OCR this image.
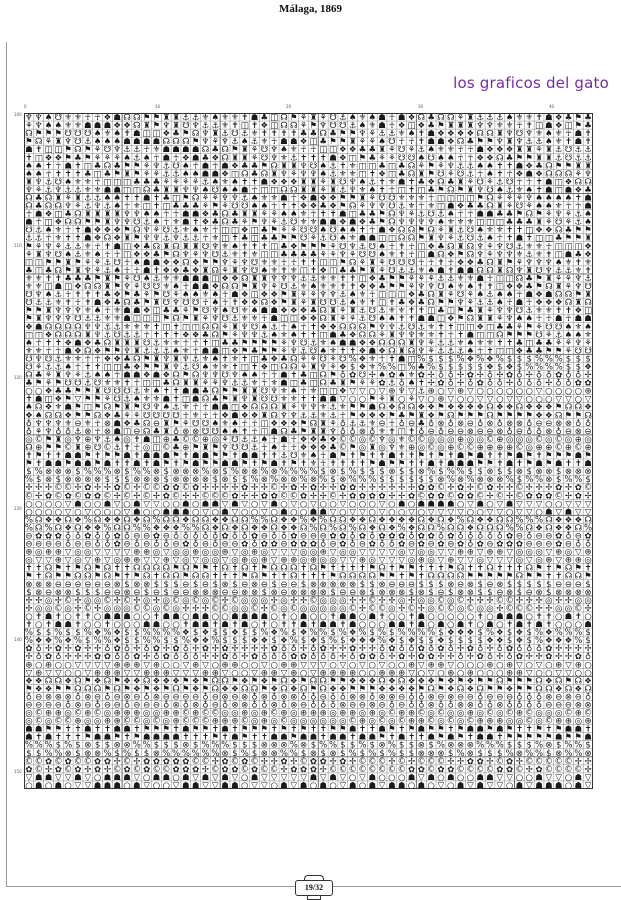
Málaga, 1869
los graficos del gato
0	10	20	30	40
100
110
120
130
140
150
♆ ♆ ♠ ☋ ⚜ ⚜ ☥ ☥ ❖ ☗ ☊ ☊ ⚑ ⚑ ♜ ♜ ⚓ ⚓ ⚜ ♠ ⚜ ⚜ ✝ ☗ ♣ ◫ ☊ ⚑ ⚘ ♜ ⚘ ☋ ⚓ ♠ ⚜ ♠ ☗ ☥ ☗ ❖ ☊ ♣ ☊ ☊ ⚘ ♜ ⚓ ⚓ ⚓ ♠ ⚜ ⚜ ✝ ☗ ❖ ♣ ⚑ ♣
⚘ ♆ ♠ ♠ ⚜ ⚜ ☗ ☗ ☗ ❖ ❖ ☊ ♜ ⚑ ♆ ♜ ☋ ♆ ⚓ ⚓ ⚜ ✝ ◫ ✝ ❖ ◫ ☊ ☊ ⚘ ⚑ ♆ ☋ ☋ ⚓ ♠ ⚜ ☗ ☥ ❖ ◫ ❖ ♣ ⚑ ♜ ♜ ♜ ♆ ♆ ⚜ ⚜ ☥ ✝ ◫ ☗ ❖ ◫ ⚑ ♣
☊ ⚑ ⚑ ⚑ ☋ ☋ ☋ ♠ ⚜ ♠ ✝ ☗ ◫ ◫ ❖ ♣ ⚑ ☊ ♆ ♜ ⚓ ☋ ⚓ ⚜ ✝ ✝ ✝ ✝ ♣ ♣ ☊ ♣ ⚑ ⚑ ♆ ⚘ ⚓ ⚓ ⚜ ♠ ✝ ☗ ❖ ❖ ❖ ❖ ☊ ☊ ♜ ♆ ☋ ♆ ⚜ ♠ ⚜ ☥ ☗ ✝
⚑ ☊ ⚘ ♜ ♆ ☋ ⚓ ♠ ♠ ♠ ☗ ☗ ☗ ☗ ☊ ☊ ☊ ⚑ ♆ ⚘ ♆ ⚓ ♠ ⚓ ⚜ ☥ ☗ ☗ ❖ ◫ ♣ ⚑ ⚑ ♜ ⚘ ⚘ ♠ ☋ ☥ ☥ ✝ ☗ ☗ ❖ ☊ ♣ ⚑ ⚑ ♆ ♜ ♆ ⚓ ⚓ ♠ ⚜ ✝ ☗ ✝
☗ ✝ ◫ ◫ ⚑ ☊ ⚑ ⚘ ☋ ♆ ⚓ ⚓ ☥ ⚜ ☗ ☗ ☗ ☗ ☊ ♣ ☊ ⚑ ♜ ⚘ ☋ ♆ ♠ ⚜ ☥ ☥ ◫ ◫ ❖ ❖ ♣ ♣ ♜ ⚘ ☋ ⚘ ⚓ ♠ ⚜ ⚜ ☥ ☥ ☗ ❖ ❖ ❖ ♜ ♜ ⚘ ♜ ⚓ ☋ ⚓ ⚓
✝ ◫ ❖ ❖ ⚑ ♣ ⚑ ⚘ ⚘ ⚘ ♠ ⚓ ♠ ☥ ☗ ☥ ❖ ☗ ♣ ❖ ☊ ♜ ♜ ⚘ ☋ ♆ ⚜ ⚓ ✝ ✝ ✝ ☗ ❖ ◫ ⚑ ♣ ⚘ ⚘ ☋ ☋ ♠ ☋ ♠ ♠ ☥ ☥ ❖ ❖ ☊ ♣ ⚑ ⚑ ♜ ♜ ⚓ ☋ ⚓ ⚓
♠ ♠ ✝ ☥ ☗ ✝ ◫ ♣ ☊ ♣ ⚑ ⚑ ⚘ ♆ ⚓ ☋ ♠ ☥ ☗ ☥ ☗ ❖ ♣ ♣ ⚑ ☊ ♜ ♜ ♆ ☋ ♠ ⚓ ✝ ⚜ ◫ ◫ ♣ ◫ ♣ ☊ ⚘ ⚑ ⚘ ♆ ⚓ ⚓ ♠ ♠ ✝ ✝ ☗ ❖ ♣ ☊ ⚑ ⚑ ♜ ♜
♠ ♠ ☥ ✝ ✝ ✝ ♣ ◫ ♣ ⚑ ♜ ⚑ ⚘ ⚘ ⚓ ⚓ ♠ ♠ ☗ ☗ ❖ ◫ ☊ ♣ ☊ ♜ ♆ ⚘ ♆ ♆ ♠ ⚓ ⚜ ⚜ ◫ ✝ ❖ ◫ ♣ ☊ ♜ ⚑ ☋ ⚘ ☋ ⚓ ☥ ♠ ✝ ☥ ❖ ☗ ❖ ☊ ☊ ☊ ⚘ ♆
♜ ♆ ⚓ ☋ ♠ ⚜ ⚜ ☥ ◫ ◫ ◫ ♣ ♣ ♣ ⚘ ⚘ ⚘ ⚘ ⚓ ♠ ⚜ ♠ ✝ ✝ ☗ ❖ ❖ ❖ ♜ ♜ ⚘ ♜ ☋ ♆ ♠ ⚓ ✝ ⚜ ☗ ✝ ♣ ❖ ☊ ♣ ♜ ⚘ ☋ ⚘ ⚓ ☋ ☥ ☥ ✝ ☗ ◫ ❖ ☊ ☊
♆ ⚘ ⚓ ♆ ⚓ ⚓ ⚜ ⚜ ☗ ☗ ◫ ◫ ☊ ♣ ♜ ♜ ♆ ♆ ♠ ☋ ♠ ♠ ☗ ☥ ◫ ◫ ☊ ☊ ♜ ♜ ⚘ ♜ ⚓ ♆ ⚜ ♠ ✝ ☥ ◫ ✝ ◫ ♣ ⚑ ☊ ⚑ ♜ ♆ ☋ ♠ ⚓ ⚜ ♠ ✝ ☗ ◫ ☗ ❖ ♣
☊ ♣ ☊ ♜ ⚘ ♜ ⚓ ⚓ ♠ ♠ ✝ ✝ ☗ ✝ ♣ ◫ ⚑ ☊ ⚘ ⚘ ♆ ♆ ⚓ ♠ ⚜ ⚜ ☗ ☥ ❖ ☗ ❖ ❖ ⚑ ⚑ ♜ ⚘ ☋ ☋ ⚜ ⚜ ⚜ ☥ ◫ ◫ ◫ ◫ ⚑ ☊ ⚘ ⚘ ⚘ ♆ ♠ ♠ ♠ ♠ ✝ ☗
☊ ♣ ☊ ☊ ♆ ⚘ ⚓ ♆ ⚓ ♠ ☥ ⚜ ◫ ✝ ◫ ♣ ♣ ♣ ⚘ ⚑ ⚘ ☋ ☋ ♠ ♠ ☥ ✝ ✝ ❖ ❖ ♣ ❖ ⚑ ☊ ⚘ ♆ ♆ ☋ ⚓ ⚜ ☥ ⚜ ◫ ☗ ❖ ♣ ♣ ☊ ♜ ⚘ ☋ ⚘ ♠ ♠ ⚜ ☥ ☥ ☗
☥ ☗ ❖ ◫ ♣ ☊ ♜ ♜ ♜ ♜ ♆ ♆ ♠ ♠ ☥ ☥ ☗ ☗ ❖ ♣ ☊ ♣ ♜ ♜ ⚘ ⚘ ♠ ♠ ⚜ ☥ ✝ ✝ ☗ ◫ ♣ ♣ ⚑ ☊ ♆ ⚘ ⚓ ☋ ⚓ ♠ ☥ ☥ ☗ ☗ ♣ ♣ ⚑ ☊ ⚑ ⚘ ♆ ⚘ ⚓ ♠
☗ ☥ ◫ ❖ ☊ ☊ ⚑ ⚑ ♜ ♆ ♆ ☋ ⚓ ♠ ☥ ⚜ ☗ ✝ ❖ ♣ ☊ ♣ ⚘ ⚑ ♆ ⚘ ⚓ ☋ ⚜ ⚜ ☗ ☗ ❖ ☗ ❖ ♣ ⚑ ☊ ♆ ♆ ♆ ♆ ♠ ⚜ ⚜ ⚜ ◫ ◫ ◫ ♣ ♣ ♣ ♜ ⚘ ☋ ⚘ ⚓ ♠
☋ ⚓ ♠ ⚜ ☥ ✝ ☗ ❖ ❖ ❖ ⚑ ☊ ♆ ⚘ ☋ ⚓ ⚜ ♠ ⚜ ☥ ◫ ◫ ❖ ◫ ♣ ⚑ ⚘ ⚘ ☋ ☋ ♠ ☋ ♠ ♠ ✝ ☥ ☗ ❖ ☊ ☊ ⚑ ☊ ⚘ ♜ ⚓ ☋ ♠ ⚜ ⚜ ✝ ✝ ◫ ❖ ❖ ☊ ♣ ⚑ ⚑
⚓ ⚓ ☥ ⚜ ✝ ✝ ☗ ❖ ☊ ❖ ♜ ⚑ ♆ ♆ ⚓ ♆ ⚓ ⚓ ☥ ⚜ ◫ ✝ ♣ ◫ ♣ ♣ ⚑ ⚑ ☋ ⚘ ⚓ ☋ ♠ ⚜ ☗ ☗ ◫ ◫ ☊ ☊ ⚑ ♜ ♆ ⚘ ⚓ ☋ ⚓ ♠ ☥ ✝ ☗ ✝ ◫ ◫ ♣ ⚑ ⚑ ♜
⚑ ⚘ ♆ ⚘ ⚓ ⚓ ⚜ ☥ ✝ ☗ ◫ ❖ ♣ ☊ ♜ ☊ ♜ ♜ ☋ ♆ ⚜ ♠ ✝ ✝ ✝ ◫ ♣ ❖ ⚑ ⚑ ⚑ ⚘ ☋ ♆ ⚓ ☋ ♠ ☥ ✝ ☥ ◫ ❖ ♣ ☊ ♜ ☊ ♆ ⚘ ♆ ☋ ⚓ ⚜ ⚜ ☥ ◫ ◫ ◫ ❖
⚘ ♜ ♆ ☋ ♠ ⚓ ⚜ ♠ ☥ ☥ ◫ ❖ ❖ ♣ ⚑ ☊ ♆ ⚘ ♆ ☋ ⚓ ⚜ ✝ ⚜ ◫ ◫ ♣ ♣ ♣ ♣ ⚘ ⚘ ♆ ⚘ ☋ ☋ ♠ ⚜ ✝ ☥ ◫ ☗ ☊ ❖ ⚑ ☊ ♆ ⚘ ♆ ♆ ⚜ ⚓ ⚜ ✝ ◫ ☗ ♣ ❖
◫ ◫ ⚑ ⚑ ♜ ⚑ ⚘ ⚘ ⚓ ☋ ☥ ♠ ☗ ☗ ❖ ❖ ☊ ❖ ⚑ ⚑ ♆ ⚘ ♆ ☋ ⚜ ⚜ ☥ ☥ ✝ ✝ ◫ ◫ ⚑ ☊ ⚘ ♜ ⚘ ☋ ☋ ☋ ☥ ☥ ✝ ☥ ❖ ❖ ♣ ☊ ♜ ⚑ ⚘ ♆ ♆ ♆ ♠ ⚜ ✝ ⚜
♣ ◫ ♣ ☊ ⚑ ♜ ♆ ⚘ ⚓ ♠ ☥ ☥ ☗ ✝ ❖ ❖ ♣ ❖ ♜ ☊ ⚘ ♜ ♆ ☋ ♠ ⚜ ✝ ⚜ ◫ ✝ ❖ ◫ ♣ ♣ ⚑ ♜ ⚘ ☋ ⚓ ⚓ ⚜ ♠ ☗ ✝ ☗ ☗ ☊ ☊ ♜ ☊ ♆ ♜ ☋ ♆ ⚓ ⚓ ⚜ ✝
⚜ ⚜ ✝ ✝ ♣ ♣ ♣ ⚑ ♜ ⚑ ⚘ ☋ ♠ ⚓ ⚜ ⚜ ☗ ☗ ☗ ◫ ❖ ❖ ☊ ♜ ♜ ♆ ♆ ♆ ⚓ ⚓ ⚜ ⚜ ✝ ✝ ◫ ❖ ♣ ⚑ ⚑ ⚘ ⚘ ⚘ ⚓ ⚓ ⚜ ⚜ ☗ ☥ ◫ ◫ ☊ ♣ ⚑ ♜ ⚘ ⚘ ♆ ⚓
⚜ ⚜ ◫ ☗ ◫ ❖ ☊ ☊ ♜ ⚑ ♆ ⚘ ☋ ☋ ⚜ ♠ ☥ ☗ ☗ ❖ ☊ ☊ ⚑ ♜ ♆ ⚘ ☋ ⚓ ⚜ ♠ ⚜ ⚜ ✝ ✝ ❖ ❖ ♣ ⚑ ⚑ ⚘ ♆ ♆ ☋ ♠ ⚜ ♠ ✝ ✝ ◫ ❖ ❖ ♣ ⚑ ☊ ♜ ⚘ ♆ ☋
☋ ♆ ♠ ⚓ ☥ ✝ ✝ ✝ ♣ ❖ ⚑ ♣ ⚘ ⚑ ☋ ⚘ ♠ ♠ ⚜ ♠ ☥ ☗ ❖ ◫ ❖ ❖ ⚑ ♜ ⚘ ⚘ ♆ ♆ ⚓ ♠ ⚜ ☥ ◫ ◫ ◫ ❖ ♣ ☊ ♜ ⚘ ☋ ⚘ ♠ ⚓ ♠ ♠ ☥ ☗ ❖ ☗ ☊ ☊ ⚑ ♜
☋ ⚓ ⚓ ⚜ ✝ ☥ ✝ ☗ ❖ ♣ ☊ ♣ ⚑ ♜ ☋ ♆ ☋ ☋ ☥ ♠ ☥ ✝ ❖ ❖ ☊ ❖ ⚑ ♜ ⚘ ♜ ☋ ☋ ⚓ ♠ ⚜ ✝ ◫ ✝ ♣ ❖ ♣ ☊ ⚑ ⚑ ♆ ⚘ ⚓ ⚓ ♠ ☥ ☗ ☥ ❖ ❖ ❖ ☊ ♜ ☊
⚑ ⚑ ♜ ♆ ♆ ♆ ⚜ ♠ ☥ ⚜ ☗ ☗ ❖ ◫ ♣ ♣ ⚘ ⚑ ☋ ♆ ♠ ☋ ⚜ ♠ ☗ ☗ ❖ ❖ ❖ ♣ ☊ ♜ ⚘ ♜ ⚓ ☋ ⚓ ⚜ ⚜ ✝ ✝ ◫ ♣ ◫ ⚑ ♣ ♜ ⚘ ♆ ♆ ☋ ⚓ ⚜ ⚜ ✝ ✝ ❖ ◫
⚑ ♜ ♆ ♆ ♆ ☋ ⚓ ⚓ ⚜ ⚜ ☗ ◫ ◫ ◫ ⚑ ☊ ⚑ ♜ ⚘ ♆ ☋ ⚓ ⚜ ⚜ ☥ ☗ ◫ ◫ ❖ ❖ ☊ ♜ ⚘ ⚘ ⚓ ☋ ♠ ♠ ✝ ✝ ☗ ☗ ◫ ❖ ⚑ ☊ ♜ ♜ ⚘ ♆ ♠ ♠ ☥ ☥ ☗ ☥ ☗ ☗
❖ ☗ ☊ ☊ ☊ ☊ ♆ ♆ ⚓ ⚓ ⚜ ⚜ ⚜ ✝ ◫ ✝ ◫ ◫ ☊ ☊ ⚘ ♜ ♆ ☋ ♠ ⚓ ☥ ♠ ☥ ✝ ❖ ❖ ☊ ☊ ☊ ⚑ ♆ ♆ ⚓ ☋ ⚓ ⚜ ✝ ✝ ◫ ◫ ❖ ◫ ♣ ♣ ⚘ ⚑ ⚘ ☋ ☋ ♠ ⚜ ♠
◫ ◫ ❖ ☊ ☊ ☊ ♜ ♆ ⚓ ☋ ⚓ ⚓ ☥ ✝ ✝ ✝ ❖ ❖ ♣ ☊ ⚑ ⚘ ♆ ♆ ⚓ ♠ ⚜ ♠ ✝ ✝ ◫ ☗ ♣ ❖ ☊ ☊ ⚘ ♜ ♆ ♆ ⚜ ⚜ ✝ ☥ ✝ ☗ ◫ ◫ ☊ ⚑ ⚑ ⚑ ☋ ⚘ ⚓ ♠ ♠ ⚜
♠ ☥ ✝ ✝ ❖ ☗ ❖ ♣ ☊ ♜ ♜ ♜ ☋ ⚓ ⚜ ⚜ ☥ ☥ ✝ ◫ ♣ ♣ ⚑ ⚑ ⚑ ⚑ ⚘ ♆ ☋ ⚓ ⚜ ♠ ☗ ☗ ❖ ❖ ☊ ☊ ☊ ♜ ♆ ⚘ ⚓ ⚓ ⚜ ♠ ⚜ ⚜ ✝ ✝ ♣ ◫ ♣ ♣ ⚘ ⚘ ♆ ⚘
⚜ ⚜ ☥ ☥ ☗ ❖ ☊ ❖ ⚑ ⚑ ♆ ♜ ⚓ ⚓ ⚓ ♠ ⚜ ☥ ☗ ☗ ◫ ❖ ⚑ ♣ ⚑ ⚑ ⚘ ♆ ⚓ ☋ ♠ ⚜ ✝ ✝ ❖ ☗ ❖ ☊ ♜ ☊ ♆ ⚘ ⚓ ⚓ ⚓ ♠ ☥ ✝ ◫ ◫ ❖ ♣ ♣ ⚑ ⚑ ⚘ ☋ ☋
☋ ♆ ☋ ⚓ ⚜ ⚜ ☥ ☥ ❖ ❖ ♣ ☊ ⚑ ♜ ♆ ♜ ♆ ⚓ ⚜ ♠ ✝ ⚜ ✝ ◫ ♣ ❖ ♣ ☊ ⚘ ⚘ ☋ ⚘ ☋ % ❖ ⚜ ☥ ✝ ☗ ◫ % $ $ $ % ❖ % ❖ % $ $ $ % % % $ $ $
☋ ⚘ ⚓ ⚓ ♠ ☥ ✝ ✝ ◫ ◫ ♣ ❖ ⚑ ⚑ ♜ ♆ ⚓ ☋ ♠ ⚜ ⚜ ✝ ◫ ✝ ❖ ◫ ☊ ☊ ⚘ ♜ ♆ ⚘ ❖ $ ❖ ⚜ % % ◫ % ♣ % $ $ $ $ $ ❖ $ ❖ $ % % % % $ $ ❖
☊ ♣ ⚘ ♜ ♆ ⚘ ⚓ ♠ ♠ ☥ ☗ ☗ ❖ ☗ ❖ ☊ ⚑ ☊ ♆ ♆ ☋ ♆ ♠ ♠ ☥ ☥ ☗ ✝ ♣ ◫ ☊ ⚑ ♁ ✿ ☋ ✢ ♠ ✿ ♠ ⚜ ✿ ✢ ♁ ♁ ✢ ✿ ✢ ♁ ✢ ✿ ♁ ✢ ♁ ♁ ✿ ♁ ♁ ✢
♣ ⚑ ⚘ ⚑ ☋ ☋ ⚓ ☋ ⚜ ⚜ ✝ ☥ ◫ ◫ ♣ ☊ ♜ ♜ ⚘ ⚘ ♆ ⚓ ⚓ ⚜ ☥ ⚜ ☗ ◫ ♣ ◫ ☊ ♣ ♜ ⚑ ⚘ ⚘ ✿ ⚓ ♁ ♠ ✝ ✢ ✿ ♁ ✢ ♁ ✿ ♁ ♁ ✢ ♁ ♁ ♁ ✢ ♁ ♁ ✿ ✿
○ ○ ❖ ♣ ♣ ⚑ ⚑ ♜ ☋ ☋ ☋ ⚓ ⚜ ♠ ✝ ✝ ☗ ☗ ♣ ☊ ⚑ ⚑ ♜ ♜ ☋ ♆ ⚜ ♠ ☥ ⚜ ◫ ◫ ❖ ▽ ▽ ○ ▽ ⊕ ♆ ▽ ⚓ ⊕ ○ ▽ ⊕ ▽ ○ ○ ○ ○ ○ ○ ▽ ○ ○ ○ ○ ⊕
✝ ☗ ◫ ❖ ⚑ ▽ ⚑ ⚑ ⚘ ☋ ⚓ ♠ ⚜ ⚜ ☗ ✝ ◫ ☗ ☊ ♣ ⚑ ♜ ♆ ♜ ☋ ☋ ⚜ ⚜ ✝ ✝ ☗ ☗ ▽ ○ ○ ⚑ ⚘ ♜ ○ ⚘ ▽ ○ ⊕ ▽ ○ ○ ▽ ▽ ○ ▽ ▽ ○ ○ ○ ▽ ▽ ○ ▽
♠ ☊ ❖ ⚜ ☗ ⚑ ◫ ⚑ ☊ ⚑ ♜ ⚑ ☋ ♆ ♠ ⚓ ⚜ ☥ ☥ ☗ ☗ ◫ ❖ ☊ ☊ ☊ ♜ ⚘ ♆ ♆ ⚜ ⚓ ⚜ ⚑ ⚑ ☗ ☊ ❖ ☊ ☊ ❖ ❖ ⚑ ❖ ❖ ❖ ❖ ☊ ❖ ❖ ☊ ❖ ❖ ❖ ⚑ ☊ ☊ ❖
❖ ♠ ☊ ☊ ❖ ⚑ ⚑ ☊ ❖ ♣ ⚘ ⚘ ☋ ☋ ☋ ☋ ☥ ⚜ ☥ ☥ ❖ ☗ ❖ ❖ ♜ ☊ ♆ ♆ ⚓ ⚓ ⚜ ⚓ ☥ ⚑ ❖ ❖ ❖ ⚑ ♣ ⚑ ♜ ❖ ⚑ ☊ ⚑ ⚑ ⚑ ☊ ⚑ ⚑ ⚑ ⚑ ❖ ❖ ☊ ⚑ ⚑ ☊
♁ ♆ ♆ ♆ ⚜ ⊖ ⚜ ☥ ⊗ ☗ ❖ ♣ ☊ ⊖ ♜ ⚑ ⚘ ☋ ☋ ♠ ⚜ ♠ ☥ ☥ ◫ ❖ ❖ ❖ ⚑ ☊ ♜ ⚘ ♁ ⚓ ⚓ ⚜ ⊖ ☥ ♁ ⊖ ♣ ♁ ⊗ ♁ ⊗ ⊖ ♁ ⊗ ♁ ⊗ ⊗ ♁ ⊖ ⊖ ⊗ ⊗ ♁ ♁
♁ ⚘ ♆ ♁ ♁ ⚓ ⊗ ☥ ⊗ ☗ ◫ ⊖ ☊ ♣ ♜ ♁ ⊗ ⊗ ☋ ☋ ♠ ♠ ✝ ☥ ◫ ☗ ☊ ♣ ⚑ ♜ ♜ ♆ ♁ ♁ ⊗ ♁ ⚜ ✝ ◫ ✝ ♁ ⊖ ♁ ⊖ ⊖ ⊗ ⊖ ⊖ ⊗ ♁ ⊖ ♁ ♁ ⊗ ♁ ⊖ ⊗ ⊖
◎ © ⚑ ♜ ◎ ♆ ⊕ ♆ ⚓ ♠ ◎ ✝ ☗ ◫ ⊕ ♣ © © ⊕ ◎ ⚘ ☋ ⚓ ⚓ ♠ ☥ ☗ ☥ ❖ ❖ ♣ ❖ © © ◎ © ♆ ◎ ⚜ © © ◎ ◎ ◎ ⊕ ◎ ◎ © ⊕ ◎ ◎ ◎ © ◎ © ◎ ⊕ ◎
☊ ⊕ ⚑ ⚑ © ♜ ⊕ ☋ © ⚓ ✝ ☥ ◎ ◫ © ♣ ⊕ ⚑ ♜ ⚑ ♆ ☋ ☋ ⚓ ☥ ♠ ☥ ☥ ❖ ❖ ❖ ♣ © ⚑ ◎ ♜ ◎ ♆ ⚜ ⊕ ◎ © ◎ ⊕ © © ⊕ ⊕ ⊕ ⊕ © ◎ ⊕ ⊕ © ⊕ © ⊕
✝ ⚑ ✝ ✝ ☗ ☗ ⚑ ✝ ⚑ ⚑ ☗ ✝ ☗ ☗ ☗ ⚑ ✝ ☗ ☗ ⚑ ⚑ ✝ ☗ ☗ ✝ ✝ ⚓ ☋ ⚜ ♠ ☥ ☗ ⚑ ✝ ⚑ ✝ ✝ ☗ ✝ ✝ ⚑ ✝ ⚑ ✝ ☗ ⚑ ☗ ✝ ✝ ⚑ ☗ ⚑ ✝ ⚑ ⚑ ⚑ ☗ ⚑
⚑ ✝ ☗ ☗ ⚑ ☗ ☗ ⚑ ☗ ✝ ✝ ☗ ✝ ☗ ⚑ ✝ ⚑ ☗ ⚑ ⚑ ☗ ☗ ⚑ ✝ ⚑ ☗ ✝ ⚑ ✝ ⚜ ☥ ✝ ✝ ✝ ✝ ⚑ ☗ ⚑ ⚑ ✝ ✝ ☗ ✝ ☗ ☗ ☗ ⚑ ⚑ ✝ ☗ ✝ ⚑ ☗ ⚑ ☗ ✝ ✝ ☗
$ % ⊗ ⊗ ⊗ $ % % % ⊗ $ % % ⊗ $ ⊗ ⊗ ⊗ % ⊗ $ % ⊗ ⊗ % ⊗ % % % % $ ⊗ $ % $ $ $ ⊗ $ $ ⊗ % $ % % $ $ ⊗ $ $ ⊗ $ ⊗ ⊗ $ ⊗ ⊗ ⊗
% $ ⊗ $ ⊗ ⊗ ⊗ ⊗ $ $ $ ⊗ ⊗ ⊗ $ ⊗ ⊗ ⊗ ⊗ $ ⊗ $ $ % ⊗ % ⊗ ⊗ % ⊗ % $ ⊗ % % % $ $ $ $ $ $ ⊗ % ⊗ % ⊗ ⊗ ⊗ % $ % % ⊗ $ % % $
✢ ✢ ✢ © © ✢ ✿ ✢ ✢ ✿ © ✢ © © ✿ ✿ © ✿ ✢ ✢ ✢ ✢ ✿ ✢ ✢ © ✢ ✿ ✢ ✿ ✢ ✢ ✿ ✿ ✢ ✢ ✢ ✢ ✢ ✢ ✿ ✿ © ✢ ✿ ✢ © ✿ ✢ ✢ © ✢ ✢ ✢ ✿ ✢ ✿ ©
© ✢ ✿ © ✿ © ✿ ✿ © ✢ © ✢ © ✢ ✿ © ✢ ✢ © © © ✿ ✢ ✢ ✿ ✿ © © ✿ ✢ ✢ © ✢ ✿ ✿ ✿ ✿ ✢ ✢ ✿ © ✿ ✿ © ✿ ✿ © ✢ © ✢ © ✿ ✿ ✿ © ✢ ✿ ✢
○ ○ ○ ○ ▽ ☗ ○ ○ ☗ ▽ ○ ☗ ▽ ▽ ○ ○ ☗ ○ ☗ ☗ ▽ ☗ ▽ ○ ▽ ☗ ○ ▽ ○ ▽ ○ ○ ▽ ○ ○ ○ ▽ ○ ☗ ○ ☗ ☗ ☗ ☗ ○ ▽ ☗ ○ ▽ ☗ ▽ ▽ ▽ ○ ○ ▽ ▽ ▽
○ ○ ○ ○ ▽ ○ ▽ ○ ○ ○ ▽ ☗ ○ ○ ☗ ☗ ☗ ○ ▽ ○ ☗ ▽ ○ ○ ▽ ○ ☗ ○ ○ ☗ ☗ ▽ ○ ▽ ▽ ○ ▽ ○ ○ ▽ ○ ▽ ▽ ▽ ▽ ○ ○ ▽ ▽ ○ ▽ ▽ ○ ☗ ▽ ☗ ▽ ▽
% ☊ ❖ ❖ ☊ ❖ % ☊ ❖ ❖ ☊ ❖ ☊ % ☊ ☊ ❖ ☊ ☊ ❖ ❖ ☊ ☊ % % ☊ ❖ ❖ % ❖ % ☊ ☊ ❖ ❖ ☊ ❖ ❖ ❖ ❖ ☊ ❖ ☊ ❖ % ☊ ❖ ❖ ☊ ☊ % % % ☊ ❖ ❖ ❖ ☊
% ☊ % ☊ ❖ ☊ ❖ ❖ % ☊ ☊ % % ❖ ❖ ❖ % % ☊ ❖ ☊ ❖ ☊ ❖ ❖ ☊ ❖ ❖ ☊ % ☊ % ☊ % ☊ ❖ ☊ ❖ % ❖ ☊ ☊ % ☊ ☊ ❖ ☊ ☊ ☊ % % ☊ ❖ ☊ ❖ ❖ ☊ %
⊖ ✿ ✿ ✿ ♁ ♁ ✿ ♁ ♁ ✿ ♁ ⊖ ⊖ ✿ ⊖ ♁ ♁ ♁ ♁ ♁ ✿ ♁ ♁ ✿ ⊖ ♁ ♁ ✿ ⊖ ⊖ ⊖ ✿ ✿ ♁ ✿ ♁ ✿ ✿ ✿ ♁ ✿ ✿ ♁ ✿ ♁ ♁ ♁ ♁ ♁ ✿ ⊖ ♁ ⊖ ⊖ ✿ ♁ ⊖ ✿
⊖ ⊖ ⊖ ⊖ ♁ ⊖ ⊖ ♁ ♁ ✿ ⊖ ♁ ⊖ ♁ ♁ ⊖ ✿ ♁ ⊖ ♁ ⊖ ⊖ ✿ ♁ ✿ ✿ ⊖ ✿ ✿ ✿ ♁ ⊖ ✿ ♁ ⊖ ✿ ♁ ♁ ✿ ⊖ ✿ ⊖ ✿ ⊖ ✿ ♁ ✿ ⊖ ✿ ✿ ✿ ⊖ ⊖ ⊖ ✿ ⊖ ♁ ♁
⊕ ◎ ⊕ ⊕ ▽ ◎ ◎ ▽ ▽ ▽ ▽ ⊕ ⊕ ◎ ▽ ◎ ◎ ⊕ ◎ ◎ ⊕ ▽ ◎ ⊕ ◎ ▽ ▽ ▽ ◎ ◎ ⊕ ▽ ◎ ◎ ▽ ▽ ▽ ▽ ◎ ▽ ◎ ◎ ▽ ▽ ⊕ ⊕ ▽ ⊕ ⊕ ▽ ◎ ◎ ◎ ▽ ⊕ ◎ ▽ ⊕
◎ ▽ ▽ ⊕ ▽ ◎ ▽ ⊕ ▽ ◎ ⊕ ⊕ ▽ ▽ ⊕ ▽ ◎ ▽ ◎ ◎ ▽ ◎ ⊕ ◎ ⊕ ▽ ⊕ ⊕ ◎ ⊕ ◎ ◎ ▽ ▽ ⊕ ◎ ▽ ▽ ▽ ◎ ⊕ ◎ ▽ ⊕ ▽ ▽ ◎ ▽ ▽ ▽ ◎ ▽ ◎ ⊕ ▽ ⊕ ⊕ ◎
✝ ✝ ☊ ⚑ ✝ ⚑ ☊ ⚑ ☊ ✝ ✝ ☊ ☊ ☊ ☊ ⚑ ☊ ⚑ ⚑ ✝ ☊ ✝ ☊ ✝ ⚑ ☊ ☊ ☊ ✝ ☊ ⚑ ✝ ✝ ✝ ✝ ⚑ ☊ ✝ ⚑ ⚑ ✝ ✝ ✝ ⚑ ☊ ✝ ✝ ☊ ✝ ✝ ✝ ☊ ⚑ ✝ ⚑ ☊ ⚑ ✝
⚑ ✝ ☊ ⚑ ⚑ ☊ ☊ ⚑ ☊ ⚑ ✝ ⚑ ☊ ✝ ☊ ☊ ⚑ ☊ ☊ ✝ ✝ ✝ ⚑ ☊ ⚑ ✝ ✝ ☊ ✝ ✝ ✝ ⚑ ☊ ☊ ☊ ☊ ⚑ ⚑ ✝ ⚑ ✝ ☊ ☊ ☊ ☊ ⚑ ⚑ ⚑ ⚑ ⚑ ☊ ⚑ ⚑ ✝ ✝ ☊ ☊ ⚑
⊗ ⊗ ⊗ ⊖ ⊖ ⊖ ⊖ ⊖ ⊖ ⊗ $ ⊗ ⊗ $ $ $ ⊖ $ ⊖ $ ⊗ $ ⊖ ⊗ ⊖ $ ⊖ ⊖ $ ⊗ ⊗ ⊗ ⊗ ⊗ $ $ ⊗ ⊖ ⊖ ⊖ $ $ $ ⊗ ⊖ ⊗ $ ⊖ ⊗ $ $ $ $ $ ⊖ ⊖ ⊖ $
$ ⊗ ⊖ ⊗ ⊗ $ $ $ ⊖ ⊖ ⊗ ⊖ $ ⊖ $ ⊖ ⊖ ⊗ ⊗ ⊗ ⊖ ⊖ ⊗ ⊗ $ ⊗ ⊖ ⊗ ⊗ ⊗ ⊗ $ ⊖ ⊖ ⊗ $ ⊗ ⊗ ⊗ $ ⊗ $ ⊖ $ ⊗ ⊗ $ $ ⊖ ⊗ $ ⊖ ⊗ $ ⊗ ⊗ ⊗ ⊗
✢ ✢ ◎ ✢ © ✢ ◎ ◎ © ✢ © ✢ ◎ ✢ ◎ © ◎ © ◎ © ✢ © ◎ ◎ ◎ ✢ ◎ ✢ ✢ © ◎ ◎ ◎ ✢ ✢ © ✢ ✢ ◎ ✢ ◎ ◎ © ◎ © ✢ ✢ ✢ © © ✢ ✢ ✢ ◎ ✢ ✢ ◎ ◎
✢ ◎ ◎ © ◎ ✢ © ✢ ◎ ◎ ◎ © © ◎ © ◎ ✢ ✢ ✢ © © ◎ ◎ © ✢ © ◎ © ◎ ◎ ◎ ◎ ◎ © ✢ © © ◎ ✢ © ✢ ◎ © © ◎ © ◎ ◎ ✢ © © © ✢ ✢ ◎ ◎ © ✢
○ ✝ ☗ ✝ ○ ✝ ✝ ○ ☗ ☗ ☗ ○ ○ ✝ ☗ ☗ ○ ☗ ☗ ○ ○ ☗ ☗ ☗ ☗ ○ ✝ ○ ☗ ○ ○ ✝ ☗ ☗ ○ ☗ ✝ ○ ○ ✝ ☗ ○ ○ ○ ○ ○ ✝ ○ ☗ ☗ ☗ ○ ✝ ✝ ○ ☗ ✝ ○
✝ ○ ✝ ☗ ☗ ✝ ○ ○ ✝ ○ ○ ○ ☗ ☗ ○ ○ ✝ ☗ ☗ ✝ ☗ ✝ ☗ ○ ✝ ○ ✝ ✝ ☗ ✝ ☗ ☗ ✝ ☗ ○ ○ ○ ☗ ☗ ✝ ☗ ○ ☗ ○ ☗ ✝ ○ ☗ ○ ✝ ☗ ✝ ☗ ✝ ○ ○ ○ ☗
% $ $ % $ $ % ❖ % ❖ $ $ % % % % ❖ $ ❖ $ $ ❖ $ $ % ❖ % $ ❖ % % $ % ❖ % $ % $ % % % % $ ❖ ❖ ❖ $ % ❖ $ ❖ $ % ❖ % % % $
% ❖ ❖ % ❖ % $ % % ❖ $ $ % % $ $ % ❖ ❖ % $ $ $ ❖ ❖ $ ❖ % $ ❖ $ % $ ❖ ❖ ❖ % ❖ $ ❖ $ $ ❖ $ $ $ $ ❖ ❖ $ ❖ $ % ❖ ❖ ❖ % $
✿ ♁ ✢ ✿ ✢ ✿ ✢ ✢ ♁ ✿ ♁ ✢ ♁ ✿ ✢ ✿ ♁ ✢ ✿ ✢ ✿ ✢ ✢ ✢ ✢ ✿ ♁ ♁ ✢ ♁ ✿ ✢ ✢ ✿ ✢ ✢ ♁ ✿ ♁ ♁ ✿ ♁ ✿ ♁ ✢ ✿ ♁ ✢ ♁ ✿ ♁ ♁ ♁ ✿ ✢ ✢ ✢ ✢
✢ ♁ ✿ ♁ ✢ ✢ ✢ ✿ ✿ ♁ ♁ ✿ ✢ ♁ ✿ ♁ ♁ ♁ ✢ ✢ ✿ ♁ ✢ ✿ ♁ ♁ ♁ ✿ ✿ ♁ ♁ ♁ ✢ ♁ ✿ ✿ ♁ ✢ ✿ ✢ ✿ ✿ ✢ ✢ ♁ ✢ ✿ ♁ ✢ ♁ ✿ ✢ ✢ ✿ ✢ ✢ ✿ ♁
⊕ ○ ⊕ ○ ○ ▽ ▽ ▽ ▽ ⊕ ⊕ ⊕ ▽ ⊕ ○ ○ ▽ ⊕ ▽ ○ ⊕ ⊕ ○ ○ ▽ ○ ⊕ ⊕ ▽ ▽ ▽ ○ ▽ ○ ▽ ○ ▽ ○ ○ ⊕ ▽ ⊕ ⊕ ▽ ○ ○ ○ ⊕ ○ ⊕ ▽ ○ ▽ ○ ⊕ ▽ ⊕ ○
▽ ⊕ ▽ ▽ ○ ○ ▽ ⊕ ⊕ ⊕ ▽ ▽ ⊕ ⊕ ⊕ ▽ ▽ ▽ ⊕ ⊕ ▽ ○ ○ ▽ ⊕ ⊕ ▽ ⊕ ○ ▽ ⊕ ⊕ ⊕ ⊕ ○ ○ ⊕ ⊕ ⊕ ▽ ○ ▽ ○ ⊕ ○ ⊕ ○ ○ ○ ⊕ ⊕ ▽ ○ ○ ▽ ▽ ○ ○
❖ ❖ ☊ ☊ ❖ ☊ ⚑ ❖ ☊ ⚑ ❖ ❖ ☊ ❖ ❖ ❖ ⚑ ❖ ⚑ ☊ ☊ ⚑ ❖ ⚑ ❖ ⚑ ☊ ❖ ⚑ ☊ ☊ ⚑ ⚑ ❖ ❖ ❖ ☊ ❖ ☊ ❖ ❖ ❖ ⚑ ❖ ⚑ ❖ ⚑ ⚑ ☊ ⚑ ⚑ ⚑ ☊ ❖ ☊ ⚑ ☊ ❖
⚑ ❖ ❖ ⚑ ⚑ ☊ ☊ ☊ ⚑ ☊ ⚑ ❖ ⚑ ❖ ⚑ ☊ ⚑ ❖ ⚑ ☊ ❖ ❖ ☊ ☊ ⚑ ❖ ☊ ❖ ☊ ⚑ ☊ ❖ ❖ ⚑ ⚑ ⚑ ❖ ❖ ❖ ❖ ⚑ ☊ ⚑ ❖ ☊ ❖ ☊ ⚑ ⚑ ❖ ⚑ ⚑ ☊ ☊ ❖ ☊ ❖ ☊
♁ ⊖ ⊗ ⊗ ⊗ ♁ ⊗ ⊖ ♁ ⊖ ⊗ ⊖ ♁ ⊗ ⊖ ⊖ ⊖ ⊖ ♁ ⊖ ⊗ ⊖ ⊗ ♁ ⊗ ♁ ⊗ ⊗ ♁ ♁ ⊖ ♁ ♁ ⊗ ⊗ ♁ ⊗ ⊗ ⊖ ♁ ♁ ⊗ ⊖ ⊗ ⊖ ⊖ ♁ ⊖ ⊖ ⊖ ♁ ♁ ♁ ⊗ ⊖ ⊗ ⊖ ♁
⊖ ⊖ ⊖ ⊖ ♁ ⊗ ⊖ ♁ ⊖ ⊖ ♁ ⊖ ⊖ ⊖ ♁ ⊗ ♁ ⊗ ♁ ⊖ ♁ ⊗ ⊗ ♁ ♁ ⊗ ♁ ⊗ ⊖ ♁ ♁ ♁ ⊗ ⊖ ⊖ ⊗ ⊖ ♁ ⊖ ♁ ♁ ⊗ ♁ ♁ ⊗ ⊗ ♁ ♁ ⊗ ♁ ♁ ♁ ♁ ⊖ ⊖ ⊖ ⊗ ⊗
◎ © ⊕ ⊕ ◎ © ⊕ © ◎ ⊕ ⊕ ⊕ ◎ ◎ ⊕ ⊕ © ⊕ © © ◎ ◎ ⊕ ◎ ⊕ © ⊕ ◎ ⊕ ⊕ ⊕ ◎ ⊕ ⊕ ◎ ⊕ ◎ © ⊕ ⊕ © ◎ © ◎ ◎ ⊕ ◎ © ◎ © ⊕ © ◎ ◎ ◎ © ⊕ ©
◎ © ◎ © © ⊕ ◎ ◎ ⊕ ⊕ © © ◎ © ◎ ⊕ © © © ⊕ ⊕ ⊕ © ◎ ⊕ ◎ © ◎ ◎ ◎ ◎ ◎ ◎ © ⊕ ◎ © ◎ © ⊕ ⊕ © ◎ © ◎ © ⊕ ⊕ ⊕ ◎ ◎ © ◎ © ⊕ ⊕ ◎ ⊕
☗ ☗ ⚑ ⚑ ✝ ✝ ☗ ✝ ✝ ☗ ☗ ✝ ⚑ ⚑ ⚑ ✝ ☗ ⚑ ⚑ ✝ ☗ ✝ ⚑ ⚑ ⚑ ✝ ⚑ ✝ ⚑ ✝ ✝ ⚑ ⚑ ☗ ✝ ✝ ☗ ⚑ ✝ ⚑ ☗ ⚑ ⚑ ✝ ⚑ ☗ ☗ ⚑ ☗ ⚑ ✝ ✝ ⚑ ✝ ⚑ ☗ ☗ ✝
☗ ✝ ☗ ✝ ✝ ✝ ⚑ ☗ ☗ ⚑ ✝ ⚑ ☗ ☗ ☗ ☗ ✝ ✝ ✝ ⚑ ✝ ☗ ⚑ ✝ ✝ ☗ ☗ ⚑ ☗ ☗ ✝ ☗ ☗ ✝ ☗ ☗ ⚑ ✝ ☗ ✝ ✝ ☗ ⚑ ☗ ⚑ ✝ ☗ ☗ ✝ ⚑ ⚑ ⚑ ⚑ ⚑ ☗ ⚑ ⚑ ☗
% % % $ % $ ⊗ $ $ ⊗ ⊗ % % $ $ $ ⊗ $ % % % $ $ $ ⊗ ⊗ ⊗ % ⊗ $ % % $ $ % $ ⊗ % $ $ ⊗ $ % ⊗ ⊗ ⊗ % % % $ $ $ % ⊗ $ % % $
$ $ % % ⊗ $ ⊗ ⊗ % $ % $ $ ⊗ % % % % % % ⊗ $ % $ ⊗ ⊗ % % $ ⊗ $ ⊗ $ % $ % $ % $ $ ⊗ ⊗ ⊗ $ % ⊗ $ $ $ % ⊗ % % $ ⊗ % % ⊗
© © ✿ © ✿ © © ✿ ✿ ✢ © ✢ ✿ ✿ ✿ ✿ ✿ © © ✢ ✿ © ✿ © ✢ ✢ ✿ ✢ © ✿ ✿ ✢ ✿ ✢ © © © ✢ © ✢ © © © ✢ ✢ ✿ ✿ ✢ © ✿ ✢ © © © © © ✢ ✢
✿ © ✢ ✿ © ✿ ✢ ✿ ✢ © ✿ © ✿ © © ✿ ✿ ✿ ✢ © ✿ ✿ © ✿ © © ✢ ✿ ✿ ✿ ✢ © © © © © © © © ✿ ✿ © ✿ ✿ © © © © ✿ ✿ © ✢ ✿ © © © © ✢
▽ ☗ ☗ ▽ ▽ ☗ ▽ ○ ☗ ☗ ☗ ▽ ○ ☗ ☗ ○ ☗ ▽ ☗ ▽ ☗ ▽ ○ ☗ ▽ ▽ ▽ ▽ ▽ ☗ ▽ ☗ ▽ ○ ▽ ☗ ○ ○ ○ ☗ ▽ ☗ ○ ☗ ○ ○ ☗ ☗ ▽ ▽ ○ ○ ☗ ▽ ▽ ○ ☗ ▽
○ ☗ ○ ☗ ○ ▽ ▽ ☗ ☗ ☗ ○ ☗ ▽ ○ ○ ▽ ☗ ☗ ▽ ▽ ☗ ☗ ○ ▽ ▽ ○ ☗ ▽ ☗ ○ ☗ ○ ▽ ☗ ○ ☗ ▽ ☗ ☗ ○ ☗ ○ ▽ ○ ☗ ▽ ☗ ▽ ▽ ○ ☗ ▽ ☗ ☗ ☗ ○ ☗ ▽
19/32
